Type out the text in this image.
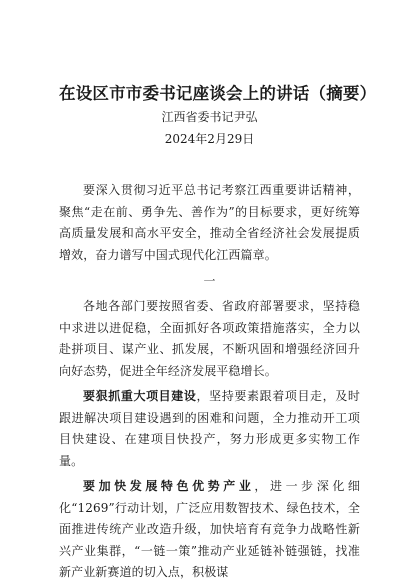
在设区市市委书记座谈会上的讲话（摘要）
江西省委书记尹弘
2024年2月29日

要深入贯彻习近平总书记考察江西重要讲话精神，聚焦“走在前、勇争先、善作为”的目标要求，更好统筹高质量发展和高水平安全，推动全省经济社会发展提质增效，奋力谱写中国式现代化江西篇章。

一

各地各部门要按照省委、省政府部署要求，坚持稳中求进以进促稳，全面抓好各项政策措施落实，全力以赴拼项目、谋产业、抓发展，不断巩固和增强经济回升向好态势，促进全年经济发展平稳增长。

要狠抓重大项目建设，坚持要素跟着项目走，及时跟进解决项目建设遇到的困难和问题，全力推动开工项目快建设、在建项目快投产，努力形成更多实物工作量。

要加快发展特色优势产业，进一步深化细化“1269”行动计划，广泛应用数智技术、绿色技术，全面推进传统产业改造升级，加快培育有竞争力战略性新兴产业集群，“一链一策”推动产业延链补链强链，找准新产业新赛道的切入点，积极谋
